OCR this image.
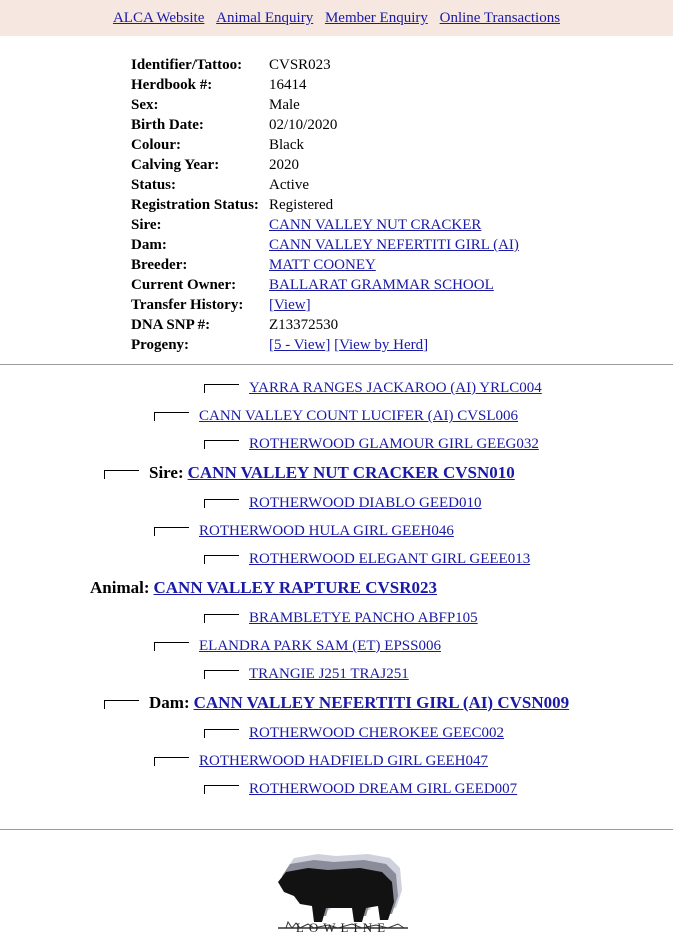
ALCA Website Animal Enquiry Member Enquiry Online Transactions
Identifier/Tattoo: CVSR023
Herdbook #:	16414
Sex:	Male
Birth Date:	02/10/2020
Colour:	Black
Calving Year:	2020
Status:	Active
Registration Status: Registered
Sire:	CANN VALLEY NUT CRACKER
Dam:	CANN VALLEY NEFERTITI GIRL (AI)
Breeder:	MATT COONEY
Current Owner: BALLARAT GRAMMAR SCHOOL
Transfer History: [View]
DNA SNP #:	Z13372530
Progeny:	[5 - View] [View by Herd]
YARRA RANGES JACKAROO (AI) YRLC004
CANN VALLEY COUNT LUCIFER (AI) CVSL006
ROTHERWOOD GLAMOUR GIRL GEEG032
Sire: CANN VALLEY NUT CRACKER CVSN010
ROTHERWOOD DIABLO GEED010
ROTHERWOOD HULA GIRL GEEH046
ROTHERWOOD ELEGANT GIRL GEEE013
Animal: CANN VALLEY RAPTURE CVSR023
BRAMBLETYE PANCHO ABFP105
ELANDRA PARK SAM (ET) EPSS006
TRANGIE J251 TRAJ251
Dam: CANN VALLEY NEFERTITI GIRL (AI) CVSN009
ROTHERWOOD CHEROKEE GEEC002
ROTHERWOOD HADFIELD GIRL GEEH047
ROTHERWOOD DREAM GIRL GEED007
LOWLINE
